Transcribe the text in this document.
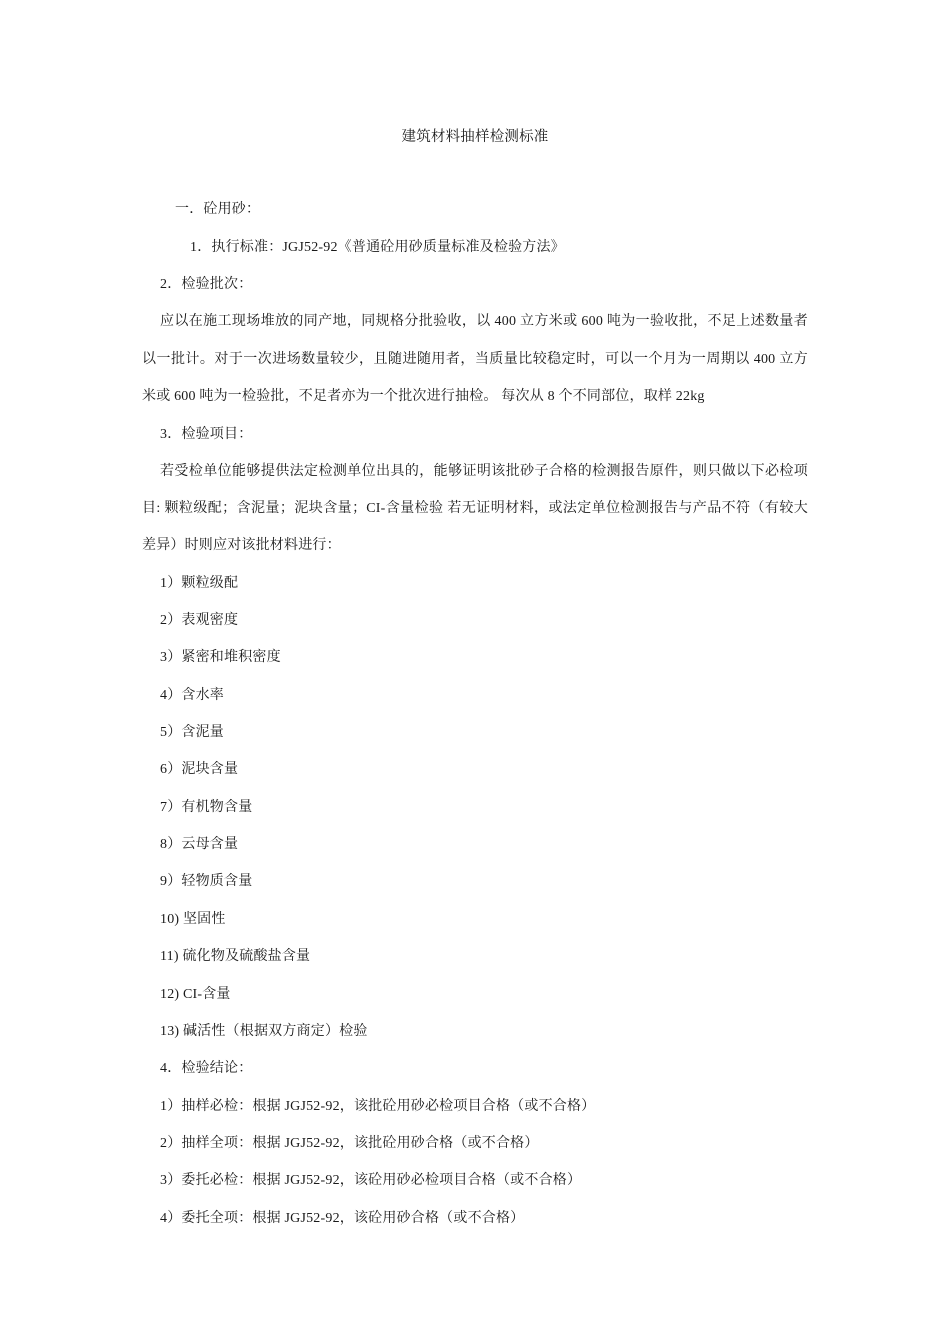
建筑材料抽样检测标准
一．砼用砂：
1．执行标准：JGJ52-92《普通砼用砂质量标准及检验方法》
2．检验批次：
应以在施工现场堆放的同产地，同规格分批验收，以 400 立方米或 600 吨为一验收批，不足上述数量者
以一批计。对于一次进场数量较少，且随进随用者，当质量比较稳定时，可以一个月为一周期以 400 立方
米或 600 吨为一检验批，不足者亦为一个批次进行抽检。 每次从 8 个不同部位，取样 22kg
3．检验项目：
若受检单位能够提供法定检测单位出具的，能够证明该批砂子合格的检测报告原件，则只做以下必检项
目: 颗粒级配；含泥量；泥块含量；CI-含量检验 若无证明材料，或法定单位检测报告与产品不符（有较大
差异）时则应对该批材料进行：
1）颗粒级配
2）表观密度
3）紧密和堆积密度
4）含水率
5）含泥量
6）泥块含量
7）有机物含量
8）云母含量
9）轻物质含量
10) 坚固性
11) 硫化物及硫酸盐含量
12) CI-含量
13) 碱活性（根据双方商定）检验
4．检验结论：
1）抽样必检：根据 JGJ52-92，该批砼用砂必检项目合格（或不合格）
2）抽样全项：根据 JGJ52-92，该批砼用砂合格（或不合格）
3）委托必检：根据 JGJ52-92，该砼用砂必检项目合格（或不合格）
4）委托全项：根据 JGJ52-92，该砼用砂合格（或不合格）
